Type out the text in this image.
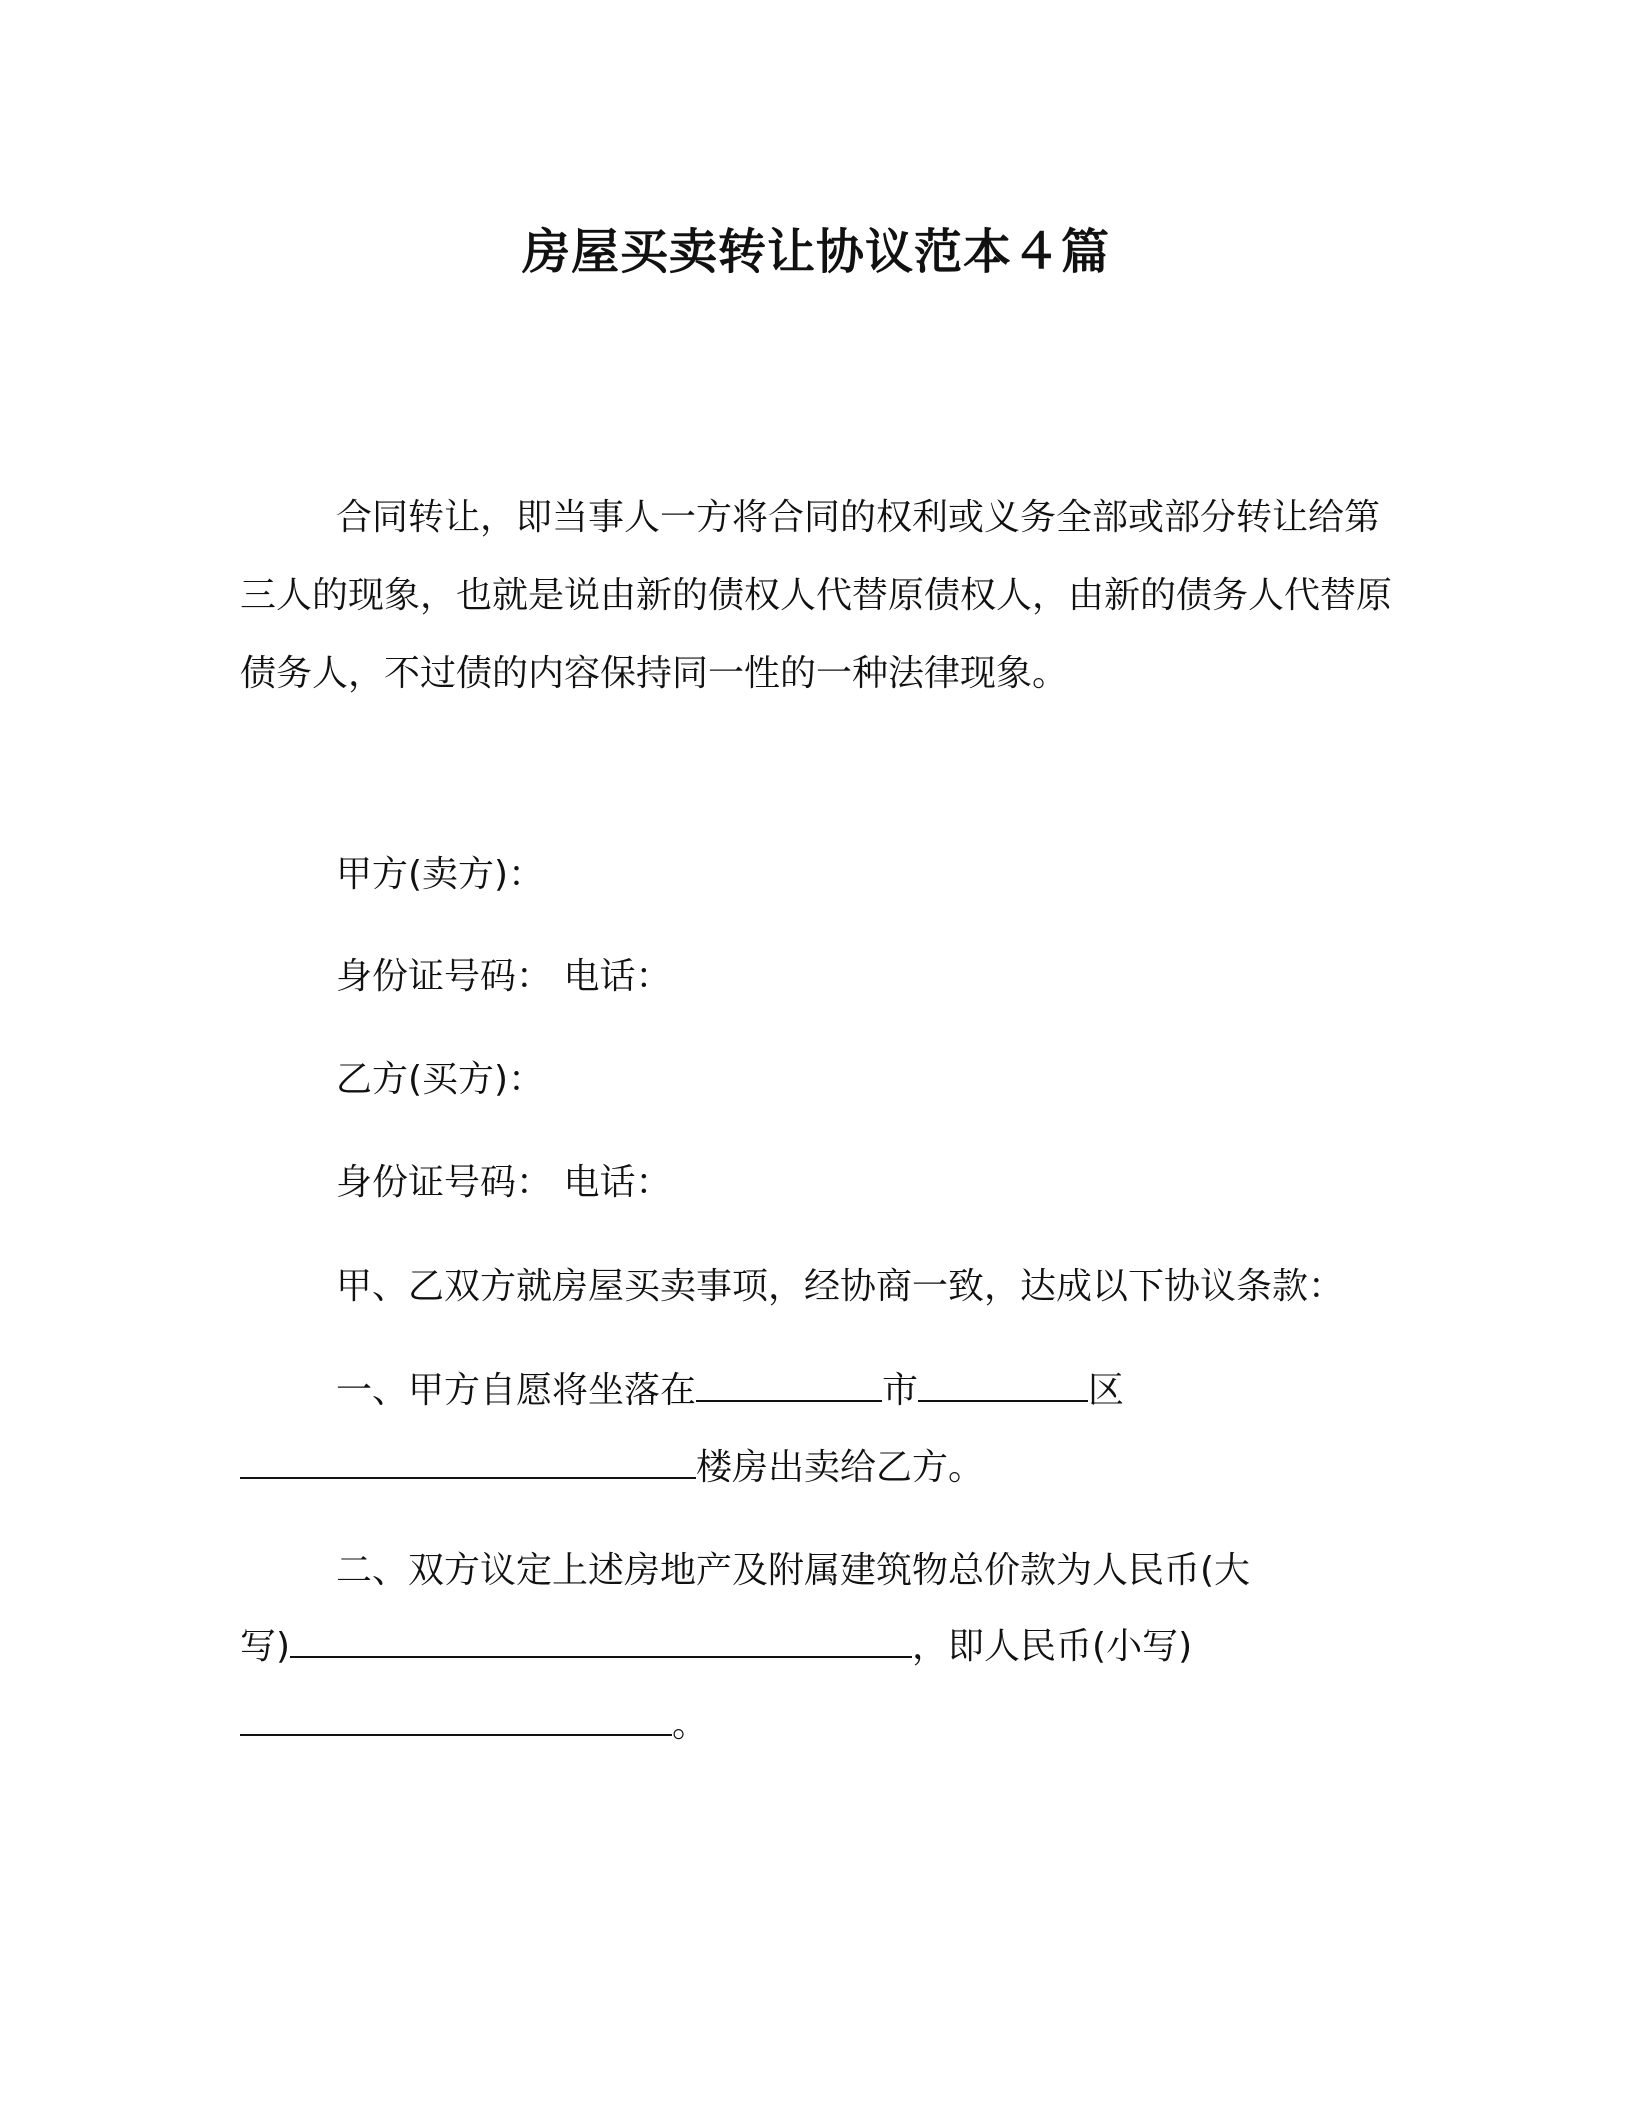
房屋买卖转让协议范本４篇

合同转让，即当事人一方将合同的权利或义务全部或部分转让给第三人的现象，也就是说由新的债权人代替原债权人，由新的债务人代替原债务人，不过债的内容保持同一性的一种法律现象。

甲方(卖方)：

身份证号码： 电话：

乙方(买方)：

身份证号码： 电话：

甲、乙双方就房屋买卖事项，经协商一致，达成以下协议条款：

一、甲方自愿将坐落在	市	区

楼房出卖给乙方。

二、双方议定上述房地产及附属建筑物总价款为人民币(大

写)	，即人民币(小写)

。
